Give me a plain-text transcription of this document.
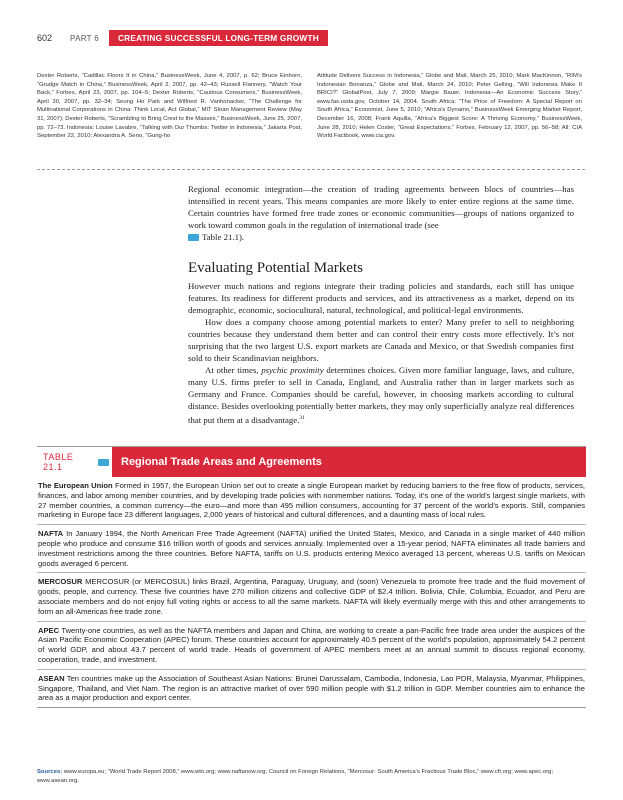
602 PART 6	CREATING SUCCESSFUL LONG-TERM GROWTH
Dexter Roberts, “Cadillac Floors It in China,” BusinessWeek, June 4, 2007, p. 62; Bruce Einhorn, “Grudge Match in China,” BusinessWeek, April 2, 2007, pp. 42–43; Russell Flannery, “Watch Your Back,” Forbes, April 23, 2007, pp. 104–5; Dexter Roberts, “Cautious Consumers,” BusinessWeek, April 30, 2007, pp. 32–34; Seung Ho Park and Wilfried R. Vanhonacker, “The Challenge for Multinational Corporations in China: Think Local, Act Global,” MIT Sloan Management Review (May 31, 2007); Dexter Roberts, “Scrambling to Bring Crest to the Masses,” BusinessWeek, June 25, 2007, pp. 72–73. Indonesia: Louise Lavabre, “Talking with Our Thumbs: Twitter in Indonesia,” Jakarta Post, September 22, 2010; Alexandra A. Seno, “Gung-ho
Attitude Delivers Success in Indonesia,” Globe and Mail, March 25, 2010; Mark MacKinnon, “RIM’s Indonesian Bonanza,” Globe and Mail, March 24, 2010; Peter Gelling, “Will Indonesia Make It BRICI?” GlobalPost, July 7, 2009; Margie Bauer, Indonesia—An Economic Success Story,” www.fas.usda.gov, October 14, 2004. South Africa: “The Price of Freedom: A Special Report on South Africa,” Economist, June 5, 2010; “Africa’s Dynamo,” BusinessWeek Emerging Market Report, December 16, 2008; Frank Aquilla, “Africa’s Biggest Score: A Thriving Economy,” BusinessWeek, June 28, 2010; Helen Coster, “Great Expectations,” Forbes, February 12, 2007, pp. 56–58; All: CIA World Factbook, www.cia.gov.

Regional economic integration—the creation of trading agreements between blocs of countries—has intensified in recent years. This means companies are more likely to enter entire regions at the same time. Certain countries have formed free trade zones or economic communities—groups of nations organized to work toward common goals in the regulation of international trade (see
Table 21.1).

Evaluating Potential Markets

However much nations and regions integrate their trading policies and standards, each still has unique features. Its readiness for different products and services, and its attractiveness as a market, depend on its demographic, economic, sociocultural, natural, technological, and political-legal environments.

How does a company choose among potential markets to enter? Many prefer to sell to neighboring countries because they understand them better and can control their entry costs more effectively. It’s not surprising that the two largest U.S. export markets are Canada and Mexico, or that Swedish companies first sold to their Scandinavian neighbors.

At other times, psychic proximity determines choices. Given more familiar language, laws, and culture, many U.S. firms prefer to sell in Canada, England, and Australia rather than in larger markets such as Germany and France. Companies should be careful, however, in choosing markets according to cultural distance. Besides overlooking potentially better markets, they may only superficially analyze real differences that put them at a disadvantage.$^{31}$

TABLE 21.1	Regional Trade Areas and Agreements
The European Union Formed in 1957, the European Union set out to create a single European market by reducing barriers to the free flow of products, services, finances, and labor among member countries, and by developing trade policies with nonmember nations. Today, it’s one of the world’s largest single markets, with 27 member countries, a common currency—the euro—and more than 495 million consumers, accounting for 37 percent of the world’s exports. Still, companies marketing in Europe face 23 different languages, 2,000 years of historical and cultural differences, and a daunting mass of local rules.
NAFTA In January 1994, the North American Free Trade Agreement (NAFTA) unified the United States, Mexico, and Canada in a single market of 440 million people who produce and consume $16 trillion worth of goods and services annually. Implemented over a 15-year period, NAFTA eliminates all trade barriers and investment restrictions among the three countries. Before NAFTA, tariffs on U.S. products entering Mexico averaged 13 percent, whereas U.S. tariffs on Mexican goods averaged 6 percent.
MERCOSUR MERCOSUR (or MERCOSUL) links Brazil, Argentina, Paraguay, Uruguay, and (soon) Venezuela to promote free trade and the fluid movement of goods, people, and currency. These five countries have 270 million citizens and collective GDP of $2.4 trillion. Bolivia, Chile, Columbia, Ecuador, and Peru are associate members and do not enjoy full voting rights or access to all the same markets. NAFTA will likely eventually merge with this and other arrangements to form an all-Americas free trade zone.
APEC Twenty-one countries, as well as the NAFTA members and Japan and China, are working to create a pan-Pacific free trade area under the auspices of the Asian Pacific Economic Cooperation (APEC) forum. These countries account for approximately 40.5 percent of the world’s population, approximately 54.2 percent of world GDP, and about 43.7 percent of world trade. Heads of government of APEC members meet at an annual summit to discuss regional economy, cooperation, trade, and investment.
ASEAN Ten countries make up the Association of Southeast Asian Nations: Brunei Darussalam, Cambodia, Indonesia, Lao PDR, Malaysia, Myanmar, Philippines, Singapore, Thailand, and Viet Nam. The region is an attractive market of over 590 million people with $1.2 trillion in GDP. Member countries aim to enhance the area as a major production and export center.
Sources: www.europa.eu; “World Trade Report 2008,” www.wto.org; www.naftanow.org; Council on Foreign Relations, “Mercosur: South America’s Fractious Trade Bloc,” www.cfr.org; www.apec.org; www.asean.org.
